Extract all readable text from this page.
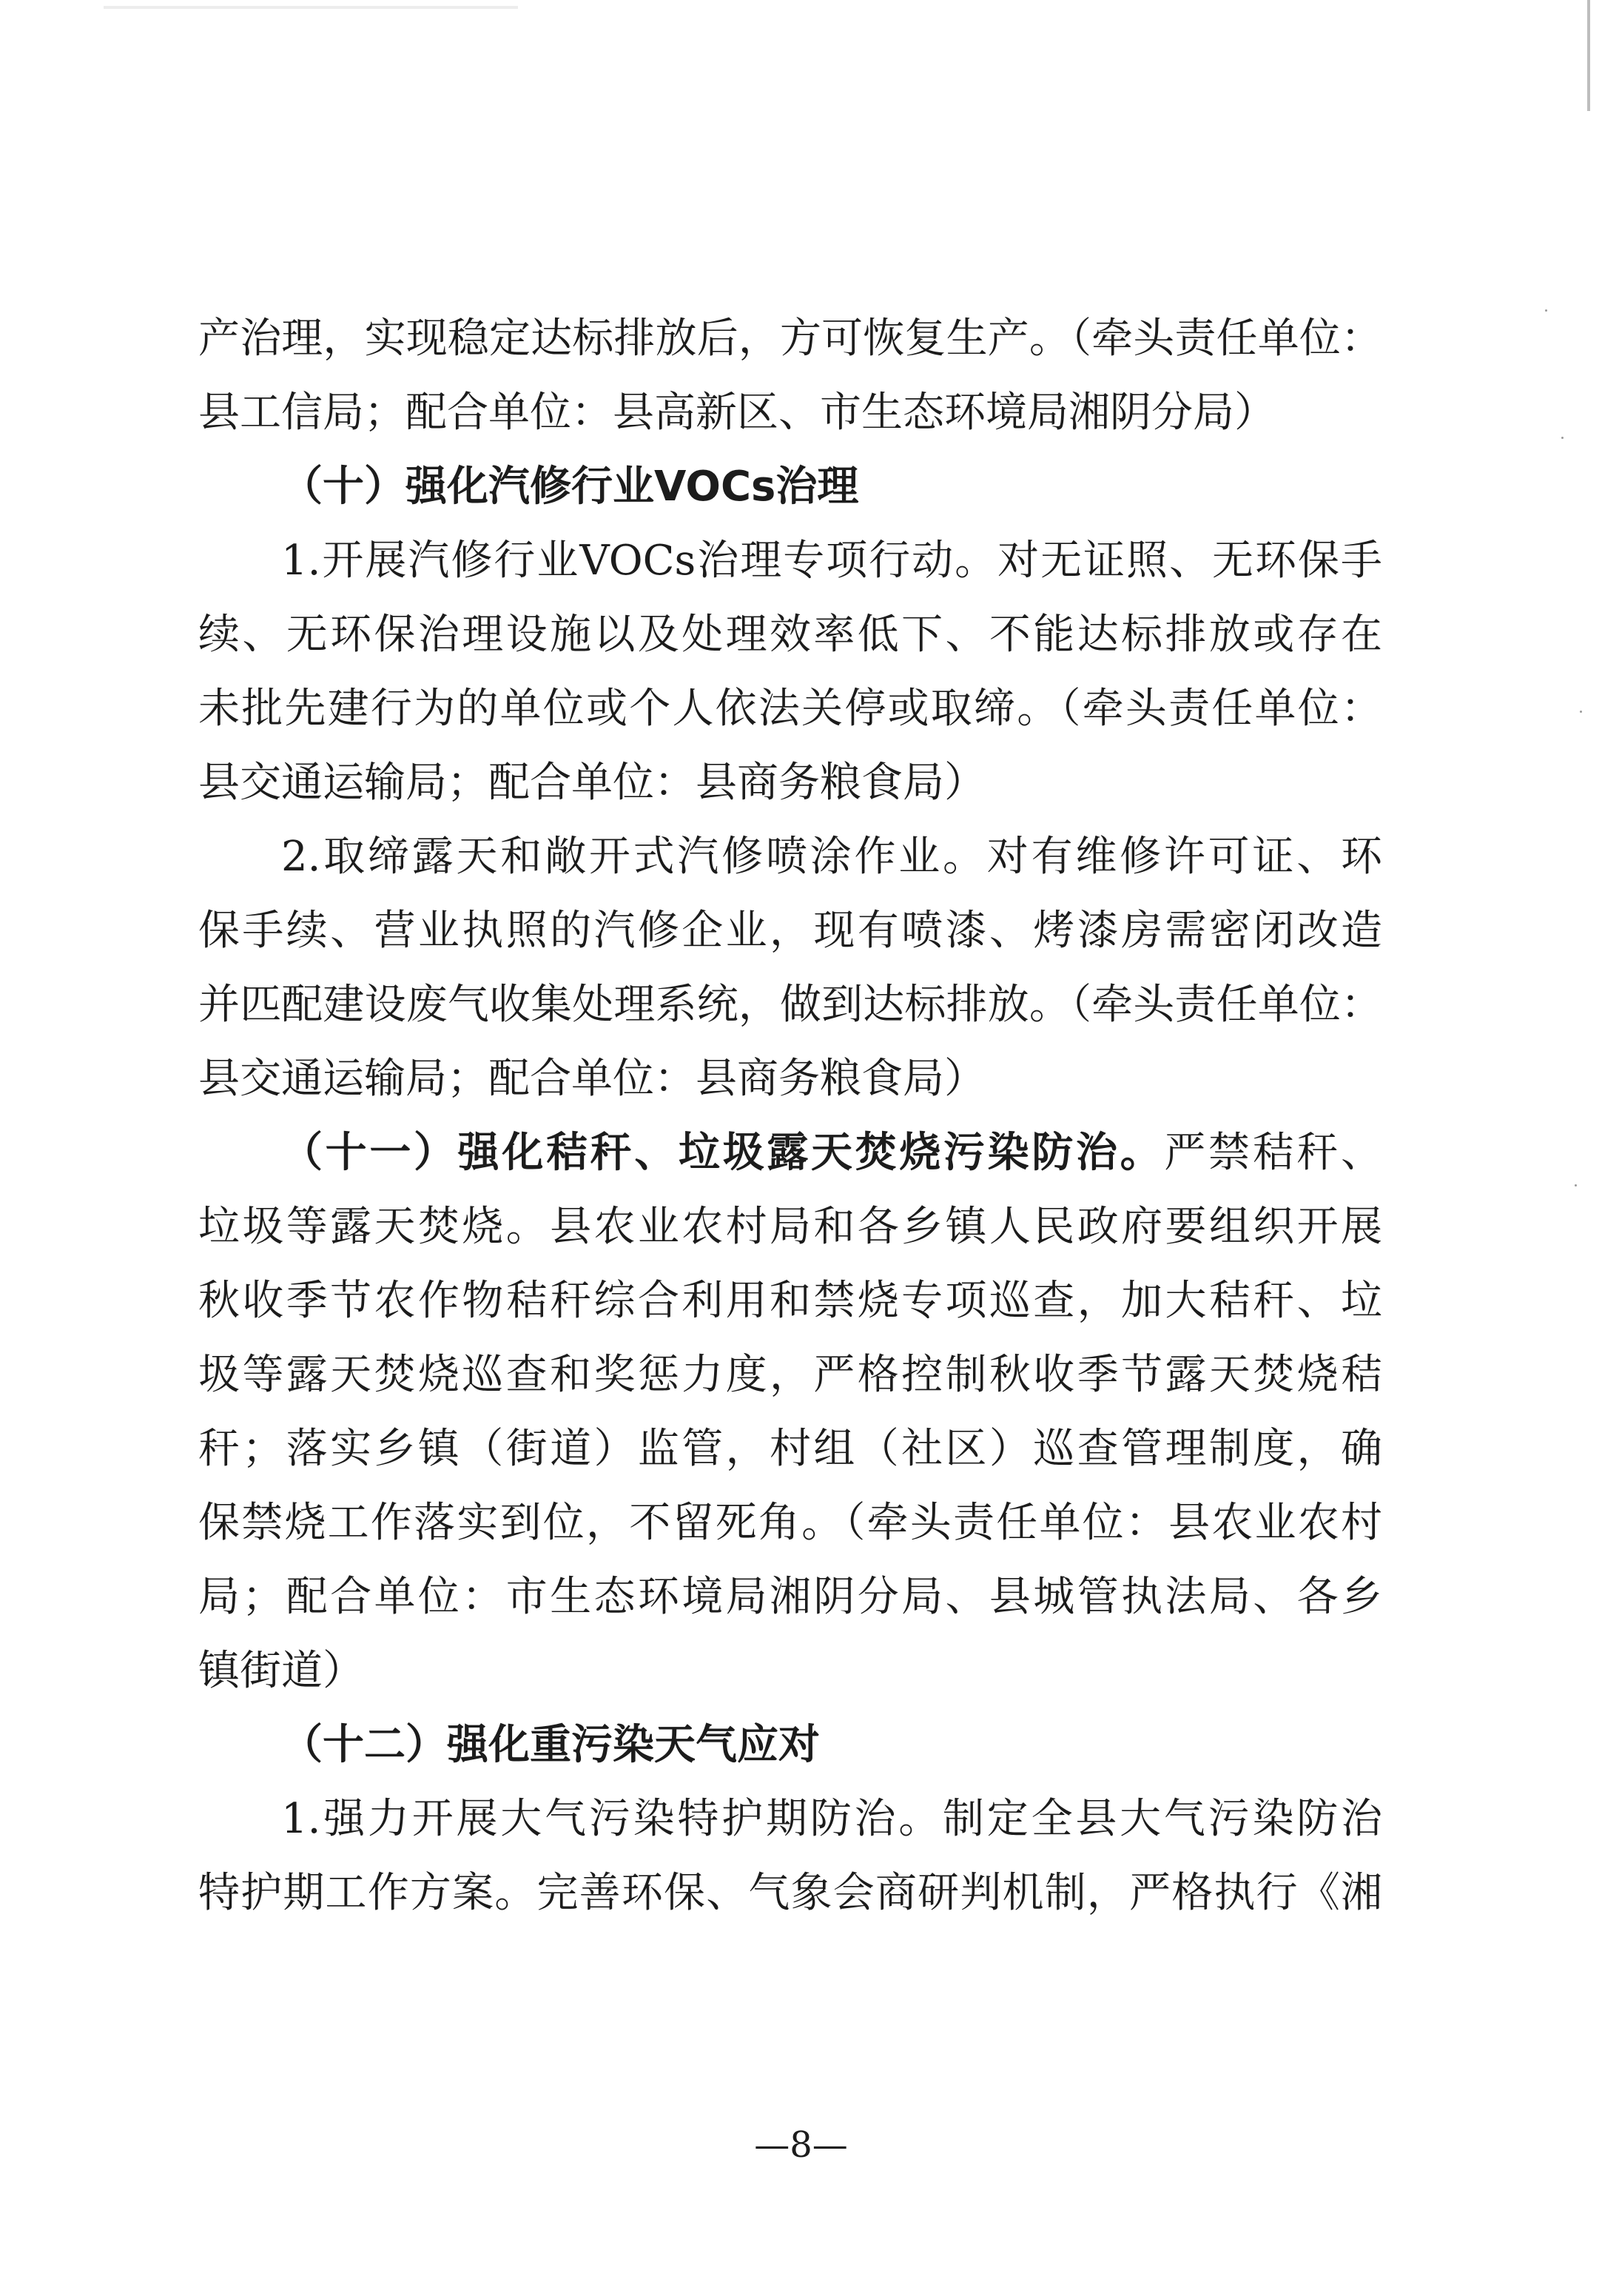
产治理，实现稳定达标排放后，方可恢复生产。（牵头责任单位：
县工信局；配合单位：县高新区、市生态环境局湘阴分局）
（十）强化汽修行业VOCs治理
1.开展汽修行业VOCs治理专项行动。对无证照、无环保手
续、无环保治理设施以及处理效率低下、不能达标排放或存在
未批先建行为的单位或个人依法关停或取缔。（牵头责任单位：
县交通运输局；配合单位：县商务粮食局）
2.取缔露天和敞开式汽修喷涂作业。对有维修许可证、环
保手续、营业执照的汽修企业，现有喷漆、烤漆房需密闭改造
并匹配建设废气收集处理系统，做到达标排放。（牵头责任单位：
县交通运输局；配合单位：县商务粮食局）
（十一）强化秸秆、垃圾露天焚烧污染防治。严禁秸秆、
垃圾等露天焚烧。县农业农村局和各乡镇人民政府要组织开展
秋收季节农作物秸秆综合利用和禁烧专项巡查，加大秸秆、垃
圾等露天焚烧巡查和奖惩力度，严格控制秋收季节露天焚烧秸
秆；落实乡镇（街道）监管，村组（社区）巡查管理制度，确
保禁烧工作落实到位，不留死角。（牵头责任单位：县农业农村
局；配合单位：市生态环境局湘阴分局、县城管执法局、各乡
镇街道）
（十二）强化重污染天气应对
1.强力开展大气污染特护期防治。制定全县大气污染防治
特护期工作方案。完善环保、气象会商研判机制，严格执行《湘
—8—
